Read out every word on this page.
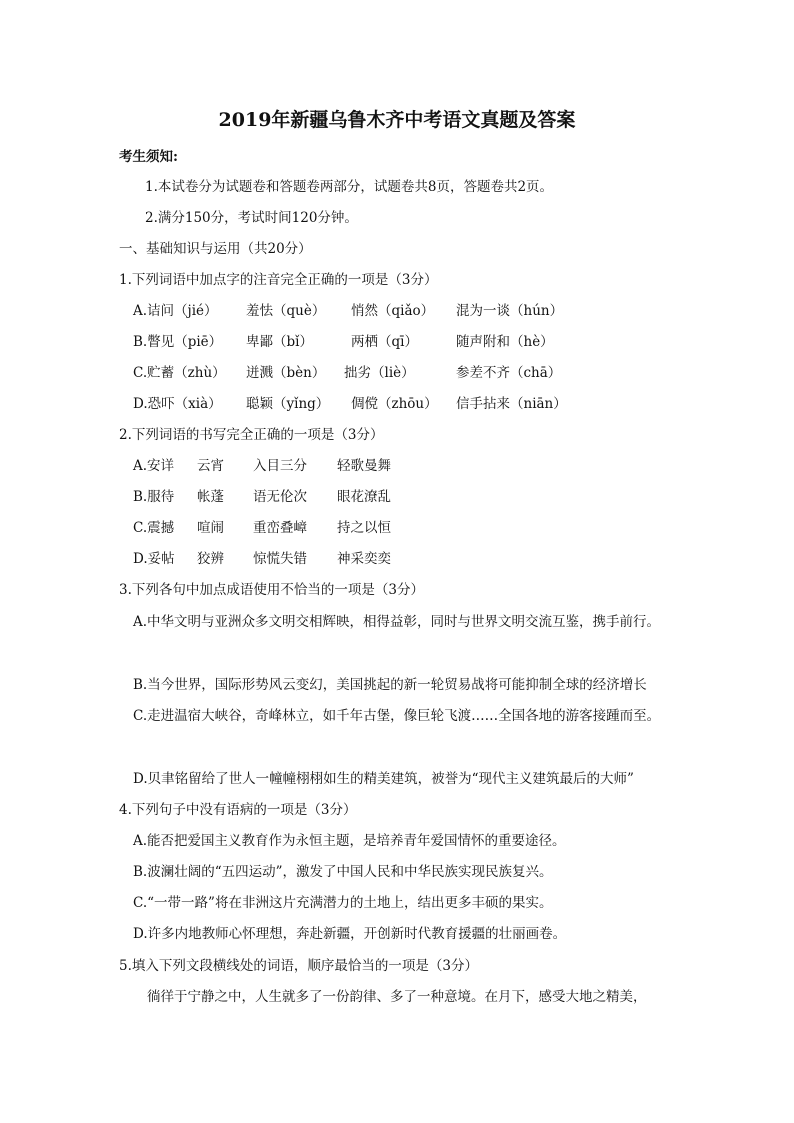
2019年新疆乌鲁木齐中考语文真题及答案
考生须知:
1.本试卷分为试题卷和答题卷两部分，试题卷共8页，答题卷共2页。
2.满分150分，考试时间120分钟。
一、基础知识与运用（共20分）
1.下列词语中加点字的注音完全正确的一项是（3分）
A.诘问（jié） 羞怯（què） 悄然（qiǎo） 混为一谈（hún）
B.瞥见（piē） 卑鄙（bǐ）	两栖（qī）	随声附和（hè）
C.贮蓄（zhù） 迸溅（bèn） 拙劣（liè）	参差不齐（chā）
D.恐吓（xià） 聪颖（yǐng） 倜傥（zhōu） 信手拈来（niān）
2.下列词语的书写完全正确的一项是（3分）
A.安详 云宵 入目三分 轻歌曼舞
B.服待 帐蓬 语无伦次 眼花潦乱
C.震撼 喧闹 重峦叠嶂 持之以恒
D.妥帖 狡辨 惊慌失错 神采奕奕
3.下列各句中加点成语使用不恰当的一项是（3分）
A.中华文明与亚洲众多文明交相辉映，相得益彰，同时与世界文明交流互鉴，携手前行。
B.当今世界，国际形势风云变幻，美国挑起的新一轮贸易战将可能抑制全球的经济增长
C.走进温宿大峡谷，奇峰林立，如千年古堡，像巨轮飞渡……全国各地的游客接踵而至。
D.贝聿铭留给了世人一幢幢栩栩如生的精美建筑，被誉为“现代主义建筑最后的大师”
4.下列句子中没有语病的一项是（3分）
A.能否把爱国主义教育作为永恒主题，是培养青年爱国情怀的重要途径。
B.波澜壮阔的“五四运动”，激发了中国人民和中华民族实现民族复兴。
C.“一带一路”将在非洲这片充满潜力的土地上，结出更多丰硕的果实。
D.许多内地教师心怀理想，奔赴新疆，开创新时代教育援疆的壮丽画卷。
5.填入下列文段横线处的词语，顺序最恰当的一项是（3分）
徜徉于宁静之中，人生就多了一份韵律、多了一种意境。在月下，感受大地之精美，
